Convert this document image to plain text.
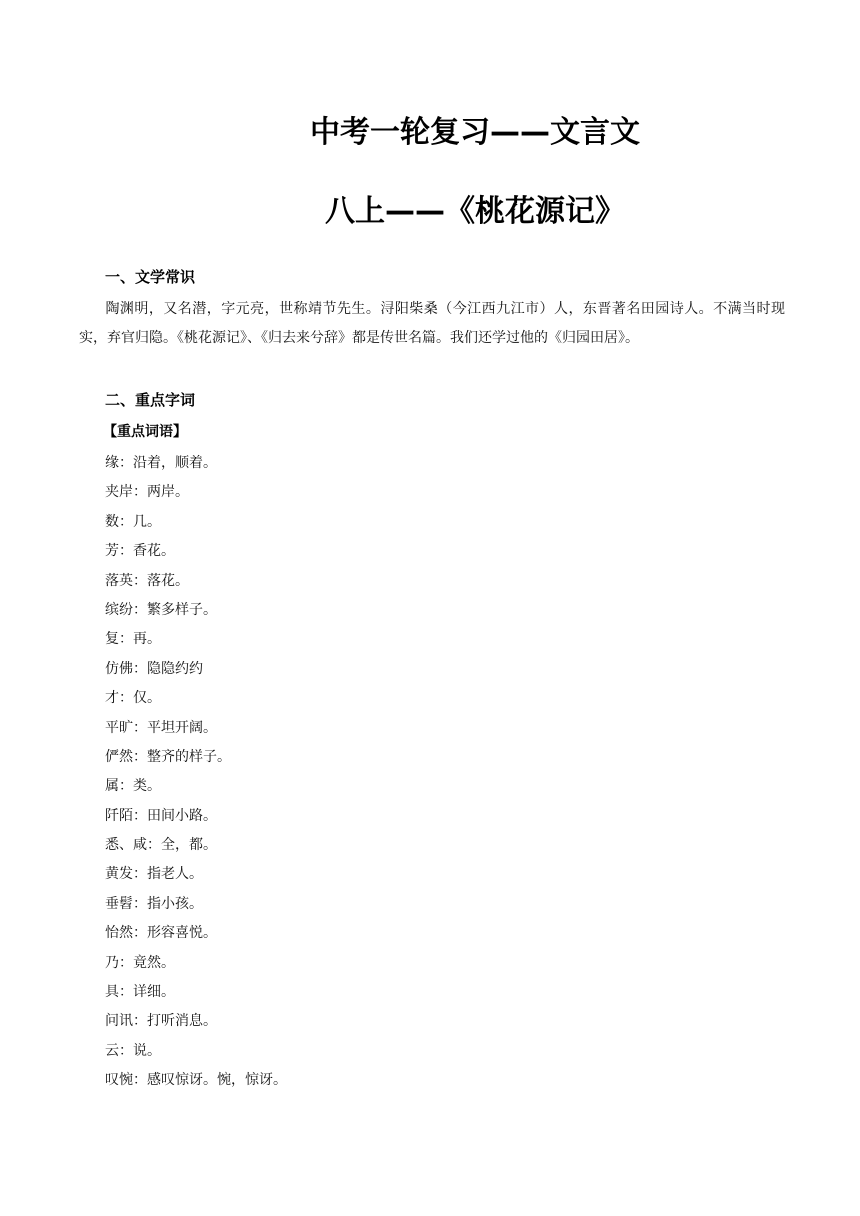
中考一轮复习——文言文
八上——《桃花源记》
一、文学常识
陶渊明，又名潜，字元亮，世称靖节先生。浔阳柴桑（今江西九江市）人，东晋著名田园诗人。不满当时现实，弃官归隐。《桃花源记》、《归去来兮辞》都是传世名篇。我们还学过他的《归园田居》。
二、重点字词
【重点词语】
缘：沿着，顺着。
夹岸：两岸。
数：几。
芳：香花。
落英：落花。
缤纷：繁多样子。
复：再。
仿佛：隐隐约约
才：仅。
平旷：平坦开阔。
俨然：整齐的样子。
属：类。
阡陌：田间小路。
悉、咸：全，都。
黄发：指老人。
垂髫：指小孩。
怡然：形容喜悦。
乃：竟然。
具：详细。
问讯：打听消息。
云：说。
叹惋：感叹惊讶。惋，惊讶。
